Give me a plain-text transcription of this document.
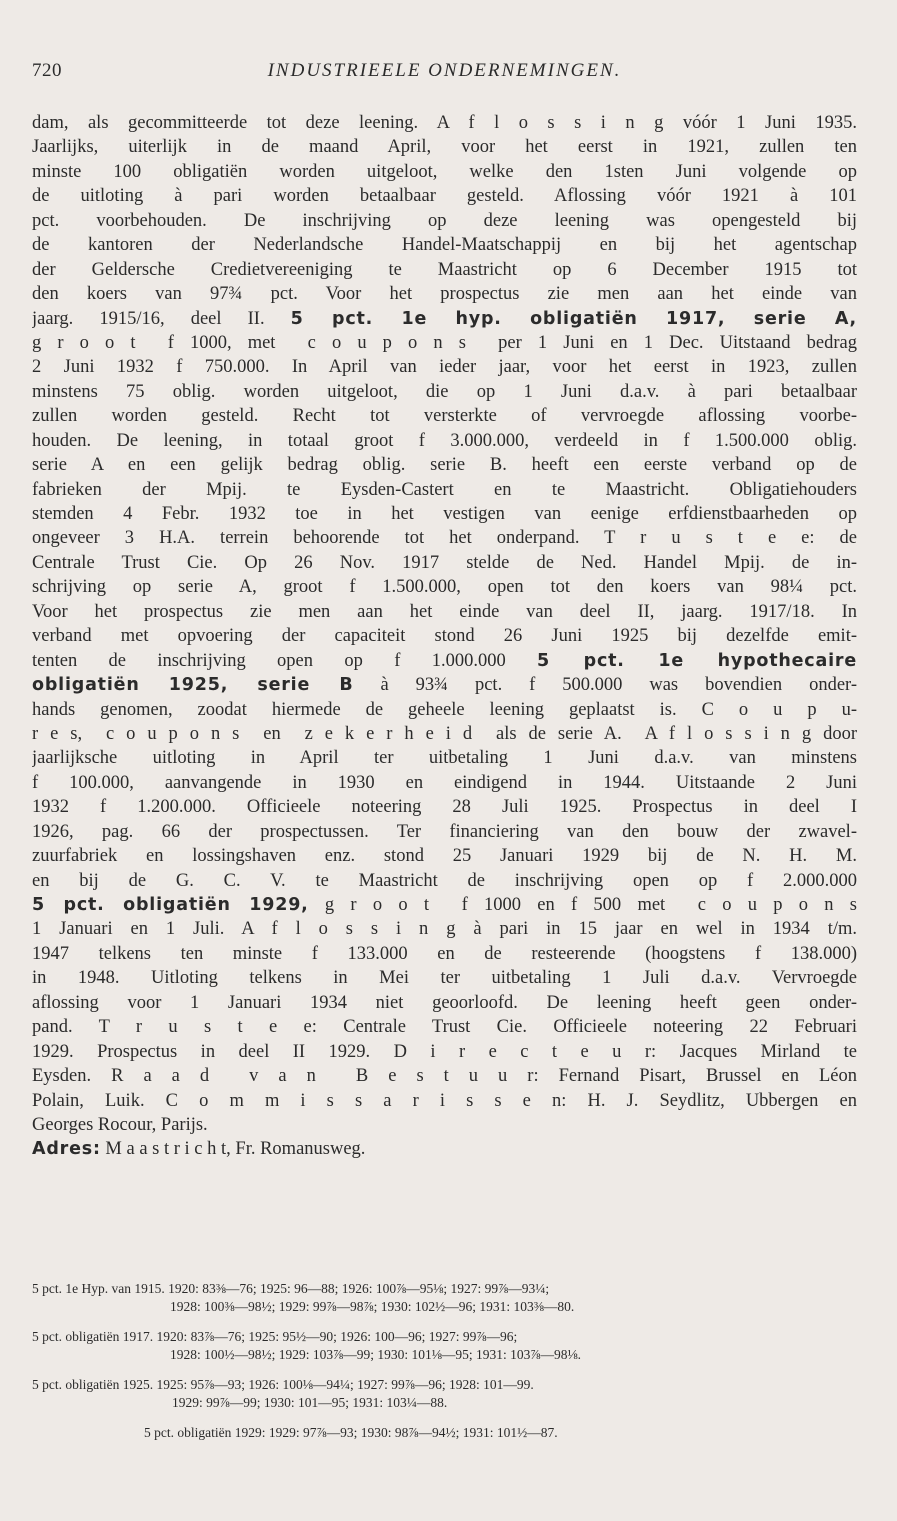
720	INDUSTRIEELE ONDERNEMINGEN.
dam, als gecommitteerde tot deze leening. A f l o s s i n g vóór 1 Juni 1935.
Jaarlijks, uiterlijk in de maand April, voor het eerst in 1921, zullen ten
minste 100 obligatiën worden uitgeloot, welke den 1sten Juni volgende op
de uitloting à pari worden betaalbaar gesteld. Aflossing vóór 1921 à 101
pct. voorbehouden. De inschrijving op deze leening was opengesteld bij
de kantoren der Nederlandsche Handel-Maatschappij en bij het agentschap
der Geldersche Credietvereeniging te Maastricht op 6 December 1915 tot
den koers van 97¾ pct. Voor het prospectus zie men aan het einde van
jaarg. 1915/16, deel II. 5 pct. 1e hyp. obligatiën 1917, serie A,
g r o o t  f 1000, met  c o u p o n s  per 1 Juni en 1 Dec. Uitstaand bedrag
2 Juni 1932 f 750.000. In April van ieder jaar, voor het eerst in 1923, zullen
minstens 75 oblig. worden uitgeloot, die op 1 Juni d.a.v. à pari betaalbaar
zullen worden gesteld. Recht tot versterkte of vervroegde aflossing voorbe-
houden. De leening, in totaal groot f 3.000.000, verdeeld in f 1.500.000 oblig.
serie A en een gelijk bedrag oblig. serie B. heeft een eerste verband op de
fabrieken der Mpij. te Eysden-Castert en te Maastricht. Obligatiehouders
stemden 4 Febr. 1932 toe in het vestigen van eenige erfdienstbaarheden op
ongeveer 3 H.A. terrein behoorende tot het onderpand. T r u s t e e: de
Centrale Trust Cie. Op 26 Nov. 1917 stelde de Ned. Handel Mpij. de in-
schrijving op serie A, groot f 1.500.000, open tot den koers van 98¼ pct.
Voor het prospectus zie men aan het einde van deel II, jaarg. 1917/18. In
verband met opvoering der capaciteit stond 26 Juni 1925 bij dezelfde emit-
tenten de inschrijving open op f 1.000.000 5 pct. 1e hypothecaire
obligatiën 1925, serie B à 93¾ pct. f 500.000 was bovendien onder-
hands genomen, zoodat hiermede de geheele leening geplaatst is. C o u p u-
r e s,  c o u p o n s  en  z e k e r h e i d  als de serie A.  A f l o s s i n g door
jaarlijksche uitloting in April ter uitbetaling 1 Juni d.a.v. van minstens
f 100.000, aanvangende in 1930 en eindigend in 1944. Uitstaande 2 Juni
1932 f 1.200.000. Officieele noteering 28 Juli 1925. Prospectus in deel I
1926, pag. 66 der prospectussen. Ter financiering van den bouw der zwavel-
zuurfabriek en lossingshaven enz. stond 25 Januari 1929 bij de N. H. M.
en bij de G. C. V. te Maastricht de inschrijving open op f 2.000.000
5 pct. obligatiën 1929, g r o o t  f 1000 en f 500 met  c o u p o n s
1 Januari en 1 Juli. A f l o s s i n g à pari in 15 jaar en wel in 1934 t/m.
1947 telkens ten minste f 133.000 en de resteerende (hoogstens f 138.000)
in 1948. Uitloting telkens in Mei ter uitbetaling 1 Juli d.a.v. Vervroegde
aflossing voor 1 Januari 1934 niet geoorloofd. De leening heeft geen onder-
pand. T r u s t e e: Centrale Trust Cie. Officieele noteering 22 Februari
1929. Prospectus in deel II 1929. D i r e c t e u r: Jacques Mirland te
Eysden. R a a d  v a n  B e s t u u r: Fernand Pisart, Brussel en Léon
Polain, Luik. C o m m i s s a r i s s e n: H. J. Seydlitz, Ubbergen en
Georges Rocour, Parijs.
Adres: M a a s t r i c h t, Fr. Romanusweg.
5 pct. 1e Hyp. van 1915. 1920: 83⅜—76; 1925: 96—88; 1926: 100⅞—95⅛; 1927: 99⅞—93¼;
1928: 100⅜—98½; 1929: 99⅞—98⅞; 1930: 102½—96; 1931: 103⅜—80.
5 pct. obligatiën 1917. 1920: 83⅞—76; 1925: 95½—90; 1926: 100—96; 1927: 99⅞—96;
1928: 100½—98½; 1929: 103⅞—99; 1930: 101⅛—95; 1931: 103⅞—98⅛.
5 pct. obligatiën 1925. 1925: 95⅞—93; 1926: 100⅛—94¼; 1927: 99⅞—96; 1928: 101—99.
1929: 99⅞—99; 1930: 101—95; 1931: 103¼—88.
5 pct. obligatiën 1929: 1929: 97⅞—93; 1930: 98⅞—94½; 1931: 101½—87.
